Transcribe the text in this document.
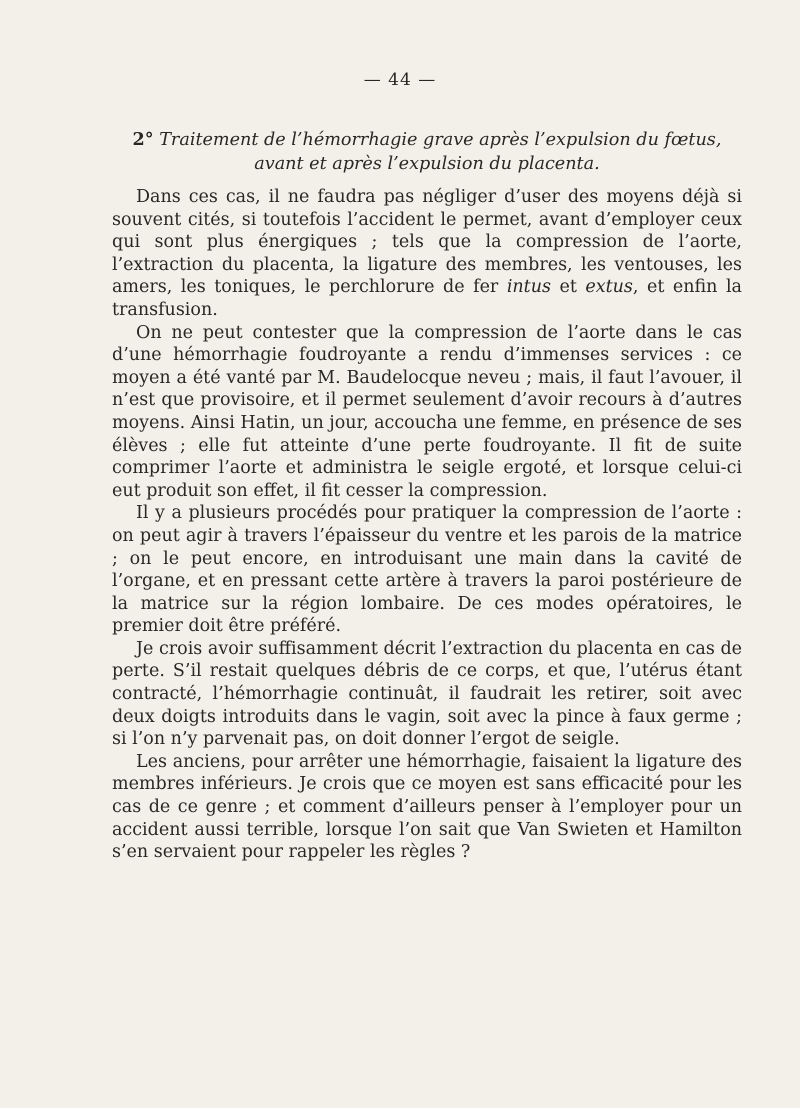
— 44 —
2° Traitement de l’hémorrhagie grave après l’expulsion du fœtus, avant et après l’expulsion du placenta.

Dans ces cas, il ne faudra pas négliger d’user des moyens déjà si souvent cités, si toutefois l’accident le permet, avant d’employer ceux qui sont plus énergiques ; tels que la compression de l’aorte, l’extraction du placenta, la ligature des membres, les ventouses, les amers, les toniques, le perchlorure de fer intus et extus, et enfin la transfusion.

On ne peut contester que la compression de l’aorte dans le cas d’une hémorrhagie foudroyante a rendu d’immenses services : ce moyen a été vanté par M. Baudelocque neveu ; mais, il faut l’avouer, il n’est que provisoire, et il permet seulement d’avoir recours à d’autres moyens. Ainsi Hatin, un jour, accoucha une femme, en présence de ses élèves ; elle fut atteinte d’une perte foudroyante. Il fit de suite comprimer l’aorte et administra le seigle ergoté, et lorsque celui-ci eut produit son effet, il fit cesser la compression.

Il y a plusieurs procédés pour pratiquer la compression de l’aorte : on peut agir à travers l’épaisseur du ventre et les parois de la matrice ; on le peut encore, en introduisant une main dans la cavité de l’organe, et en pressant cette artère à travers la paroi postérieure de la matrice sur la région lombaire. De ces modes opératoires, le premier doit être préféré.

Je crois avoir suffisamment décrit l’extraction du placenta en cas de perte. S’il restait quelques débris de ce corps, et que, l’utérus étant contracté, l’hémorrhagie continuât, il faudrait les retirer, soit avec deux doigts introduits dans le vagin, soit avec la pince à faux germe ; si l’on n’y parvenait pas, on doit donner l’ergot de seigle.

Les anciens, pour arrêter une hémorrhagie, faisaient la ligature des membres inférieurs. Je crois que ce moyen est sans efficacité pour les cas de ce genre ; et comment d’ailleurs penser à l’employer pour un accident aussi terrible, lorsque l’on sait que Van Swieten et Hamilton s’en servaient pour rappeler les règles ?
